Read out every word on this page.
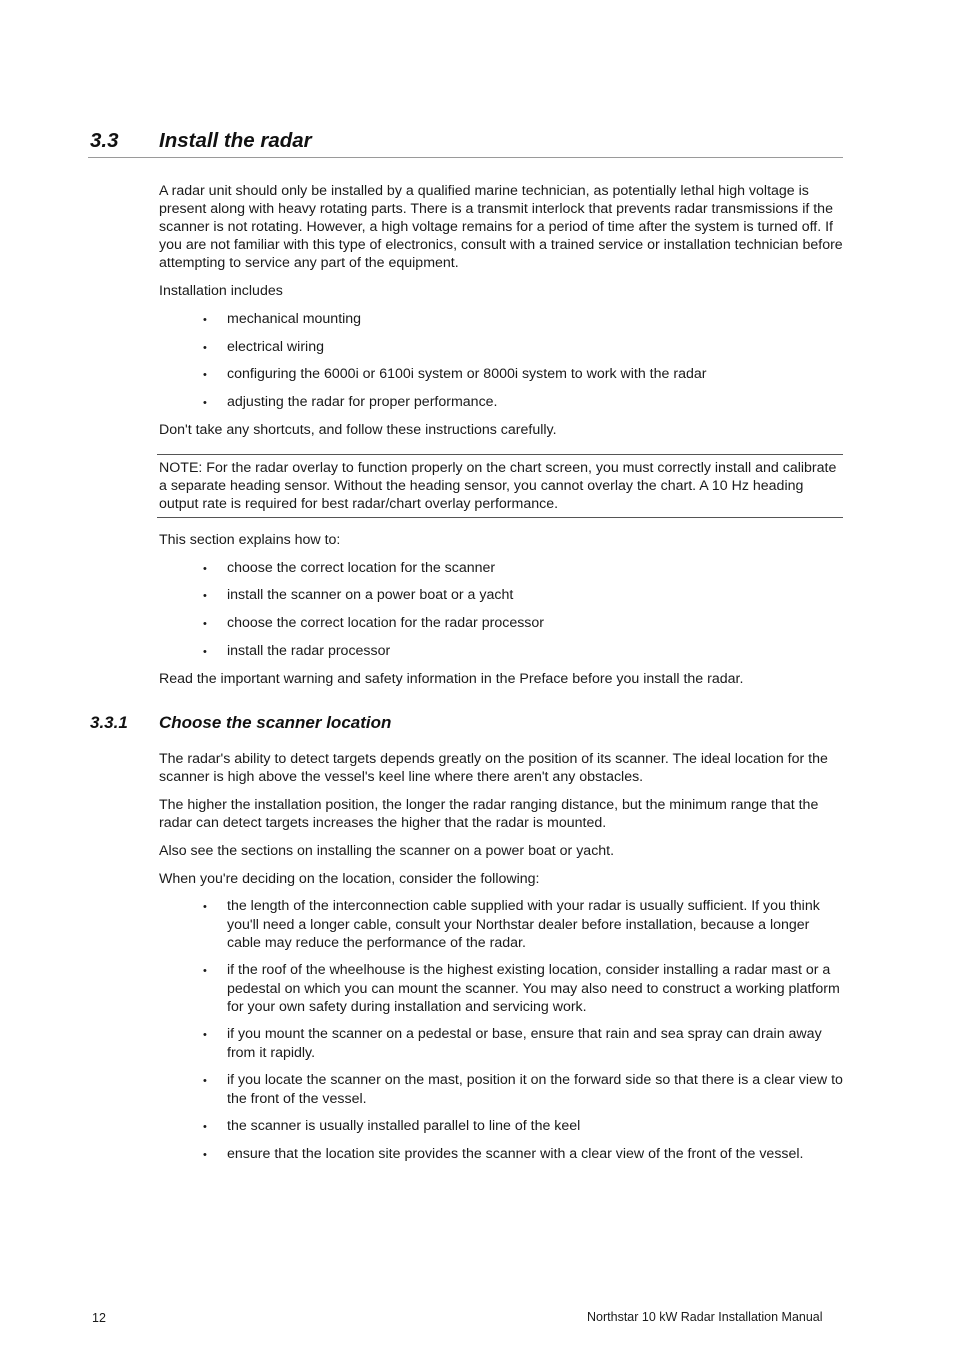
3.3 Install the radar

A radar unit should only be installed by a qualified marine technician, as potentially lethal high voltage is present along with heavy rotating parts. There is a transmit interlock that prevents radar transmissions if the scanner is not rotating. However, a high voltage remains for a period of time after the system is turned off. If you are not familiar with this type of electronics, consult with a trained service or installation technician before attempting to service any part of the equipment.

Installation includes

• mechanical mounting

• electrical wiring

• configuring the 6000i or 6100i system or 8000i system to work with the radar

• adjusting the radar for proper performance.

Don't take any shortcuts, and follow these instructions carefully.

NOTE: For the radar overlay to function properly on the chart screen, you must correctly install and calibrate a separate heading sensor. Without the heading sensor, you cannot overlay the chart. A 10 Hz heading output rate is required for best radar/chart overlay performance.

This section explains how to:

• choose the correct location for the scanner

• install the scanner on a power boat or a yacht

• choose the correct location for the radar processor

• install the radar processor

Read the important warning and safety information in the Preface before you install the radar.

3.3.1 Choose the scanner location

The radar's ability to detect targets depends greatly on the position of its scanner. The ideal location for the scanner is high above the vessel's keel line where there aren't any obstacles.

The higher the installation position, the longer the radar ranging distance, but the minimum range that the radar can detect targets increases the higher that the radar is mounted.

Also see the sections on installing the scanner on a power boat or yacht.

When you're deciding on the location, consider the following:

• the length of the interconnection cable supplied with your radar is usually sufficient. If you think you'll need a longer cable, consult your Northstar dealer before installation, because a longer cable may reduce the performance of the radar.

• if the roof of the wheelhouse is the highest existing location, consider installing a radar mast or a pedestal on which you can mount the scanner. You may also need to construct a working platform for your own safety during installation and servicing work.

• if you mount the scanner on a pedestal or base, ensure that rain and sea spray can drain away from it rapidly.

• if you locate the scanner on the mast, position it on the forward side so that there is a clear view to the front of the vessel.

• the scanner is usually installed parallel to line of the keel

• ensure that the location site provides the scanner with a clear view of the front of the vessel.

12	Northstar 10 kW Radar Installation Manual
